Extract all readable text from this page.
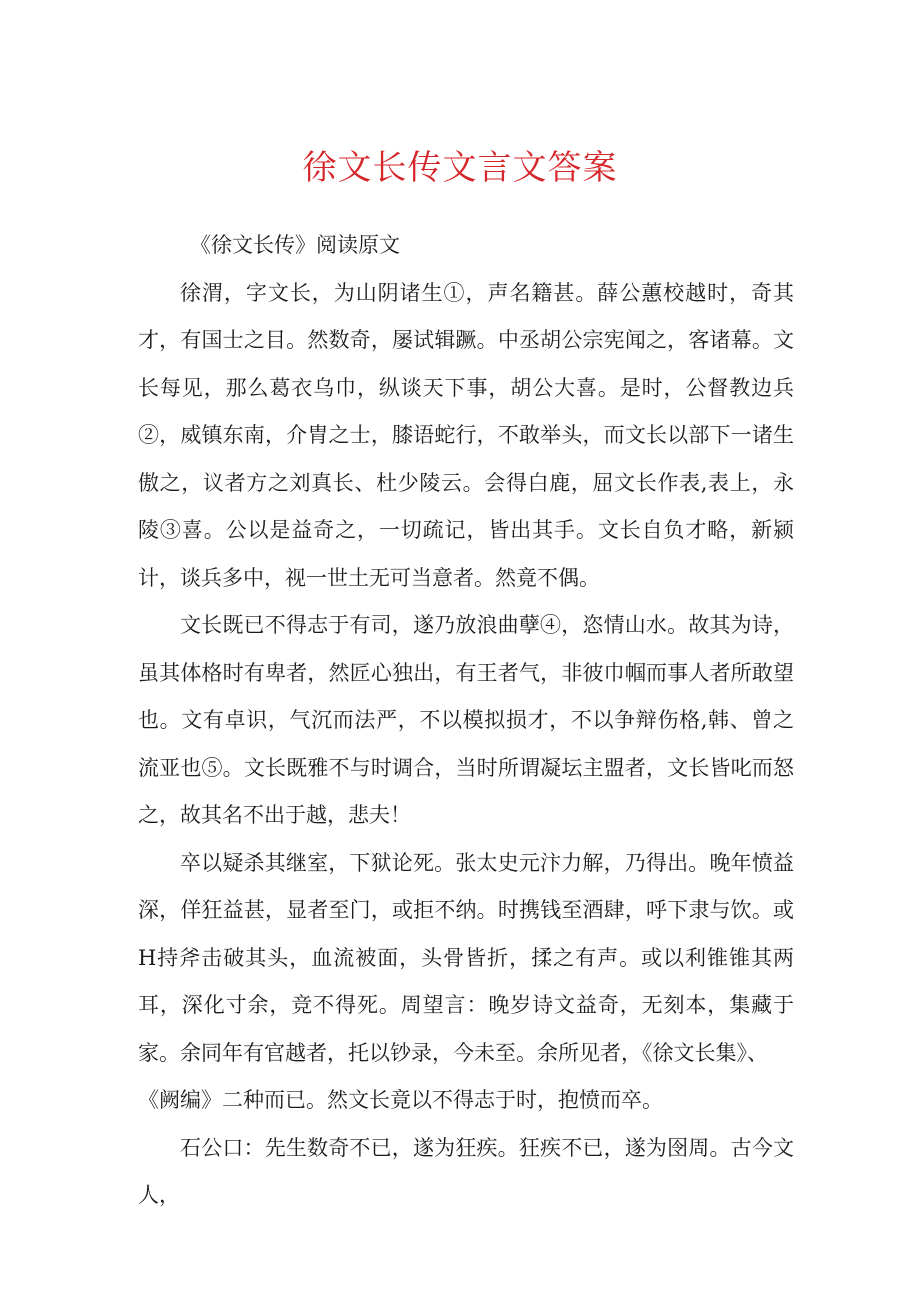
徐文长传文言文答案

《徐文长传》阅读原文

徐渭，字文长，为山阴诸生①，声名籍甚。薛公蕙校越时，奇其才，有国士之目。然数奇，屡试辑蹶。中丞胡公宗宪闻之，客诸幕。文长每见，那么葛衣乌巾，纵谈天下事，胡公大喜。是时，公督教边兵②，威镇东南，介胄之士，膝语蛇行，不敢举头，而文长以部下一诸生傲之，议者方之刘真长、杜少陵云。会得白鹿，屈文长作表,表上，永陵③喜。公以是益奇之，一切疏记，皆出其手。文长自负才略，新颍计，谈兵多中，视一世土无可当意者。然竟不偶。

文长既已不得志于有司，遂乃放浪曲孽④，恣情山水。故其为诗，虽其体格时有卑者，然匠心独出，有王者气，非彼巾帼而事人者所敢望也。文有卓识，气沉而法严，不以模拟损才，不以争辩伤格,韩、曾之流亚也⑤。文长既雅不与时调合，当时所谓凝坛主盟者，文长皆叱而怒之，故其名不出于越，悲夫！

卒以疑杀其继室，下狱论死。张太史元汴力解，乃得出。晚年愤益深，佯狂益甚，显者至门，或拒不纳。时携钱至酒肆，呼下隶与饮。或H持斧击破其头，血流被面，头骨皆折，揉之有声。或以利锥锥其两耳，深化寸余，竞不得死。周望言：晚岁诗文益奇，无刻本，集藏于家。余同年有官越者，托以钞录，今未至。余所见者，《徐文长集》、

《阙编》二种而已。然文长竟以不得志于时，抱愤而卒。

石公口：先生数奇不已，遂为狂疾。狂疾不已，遂为囹周。古今文人，
